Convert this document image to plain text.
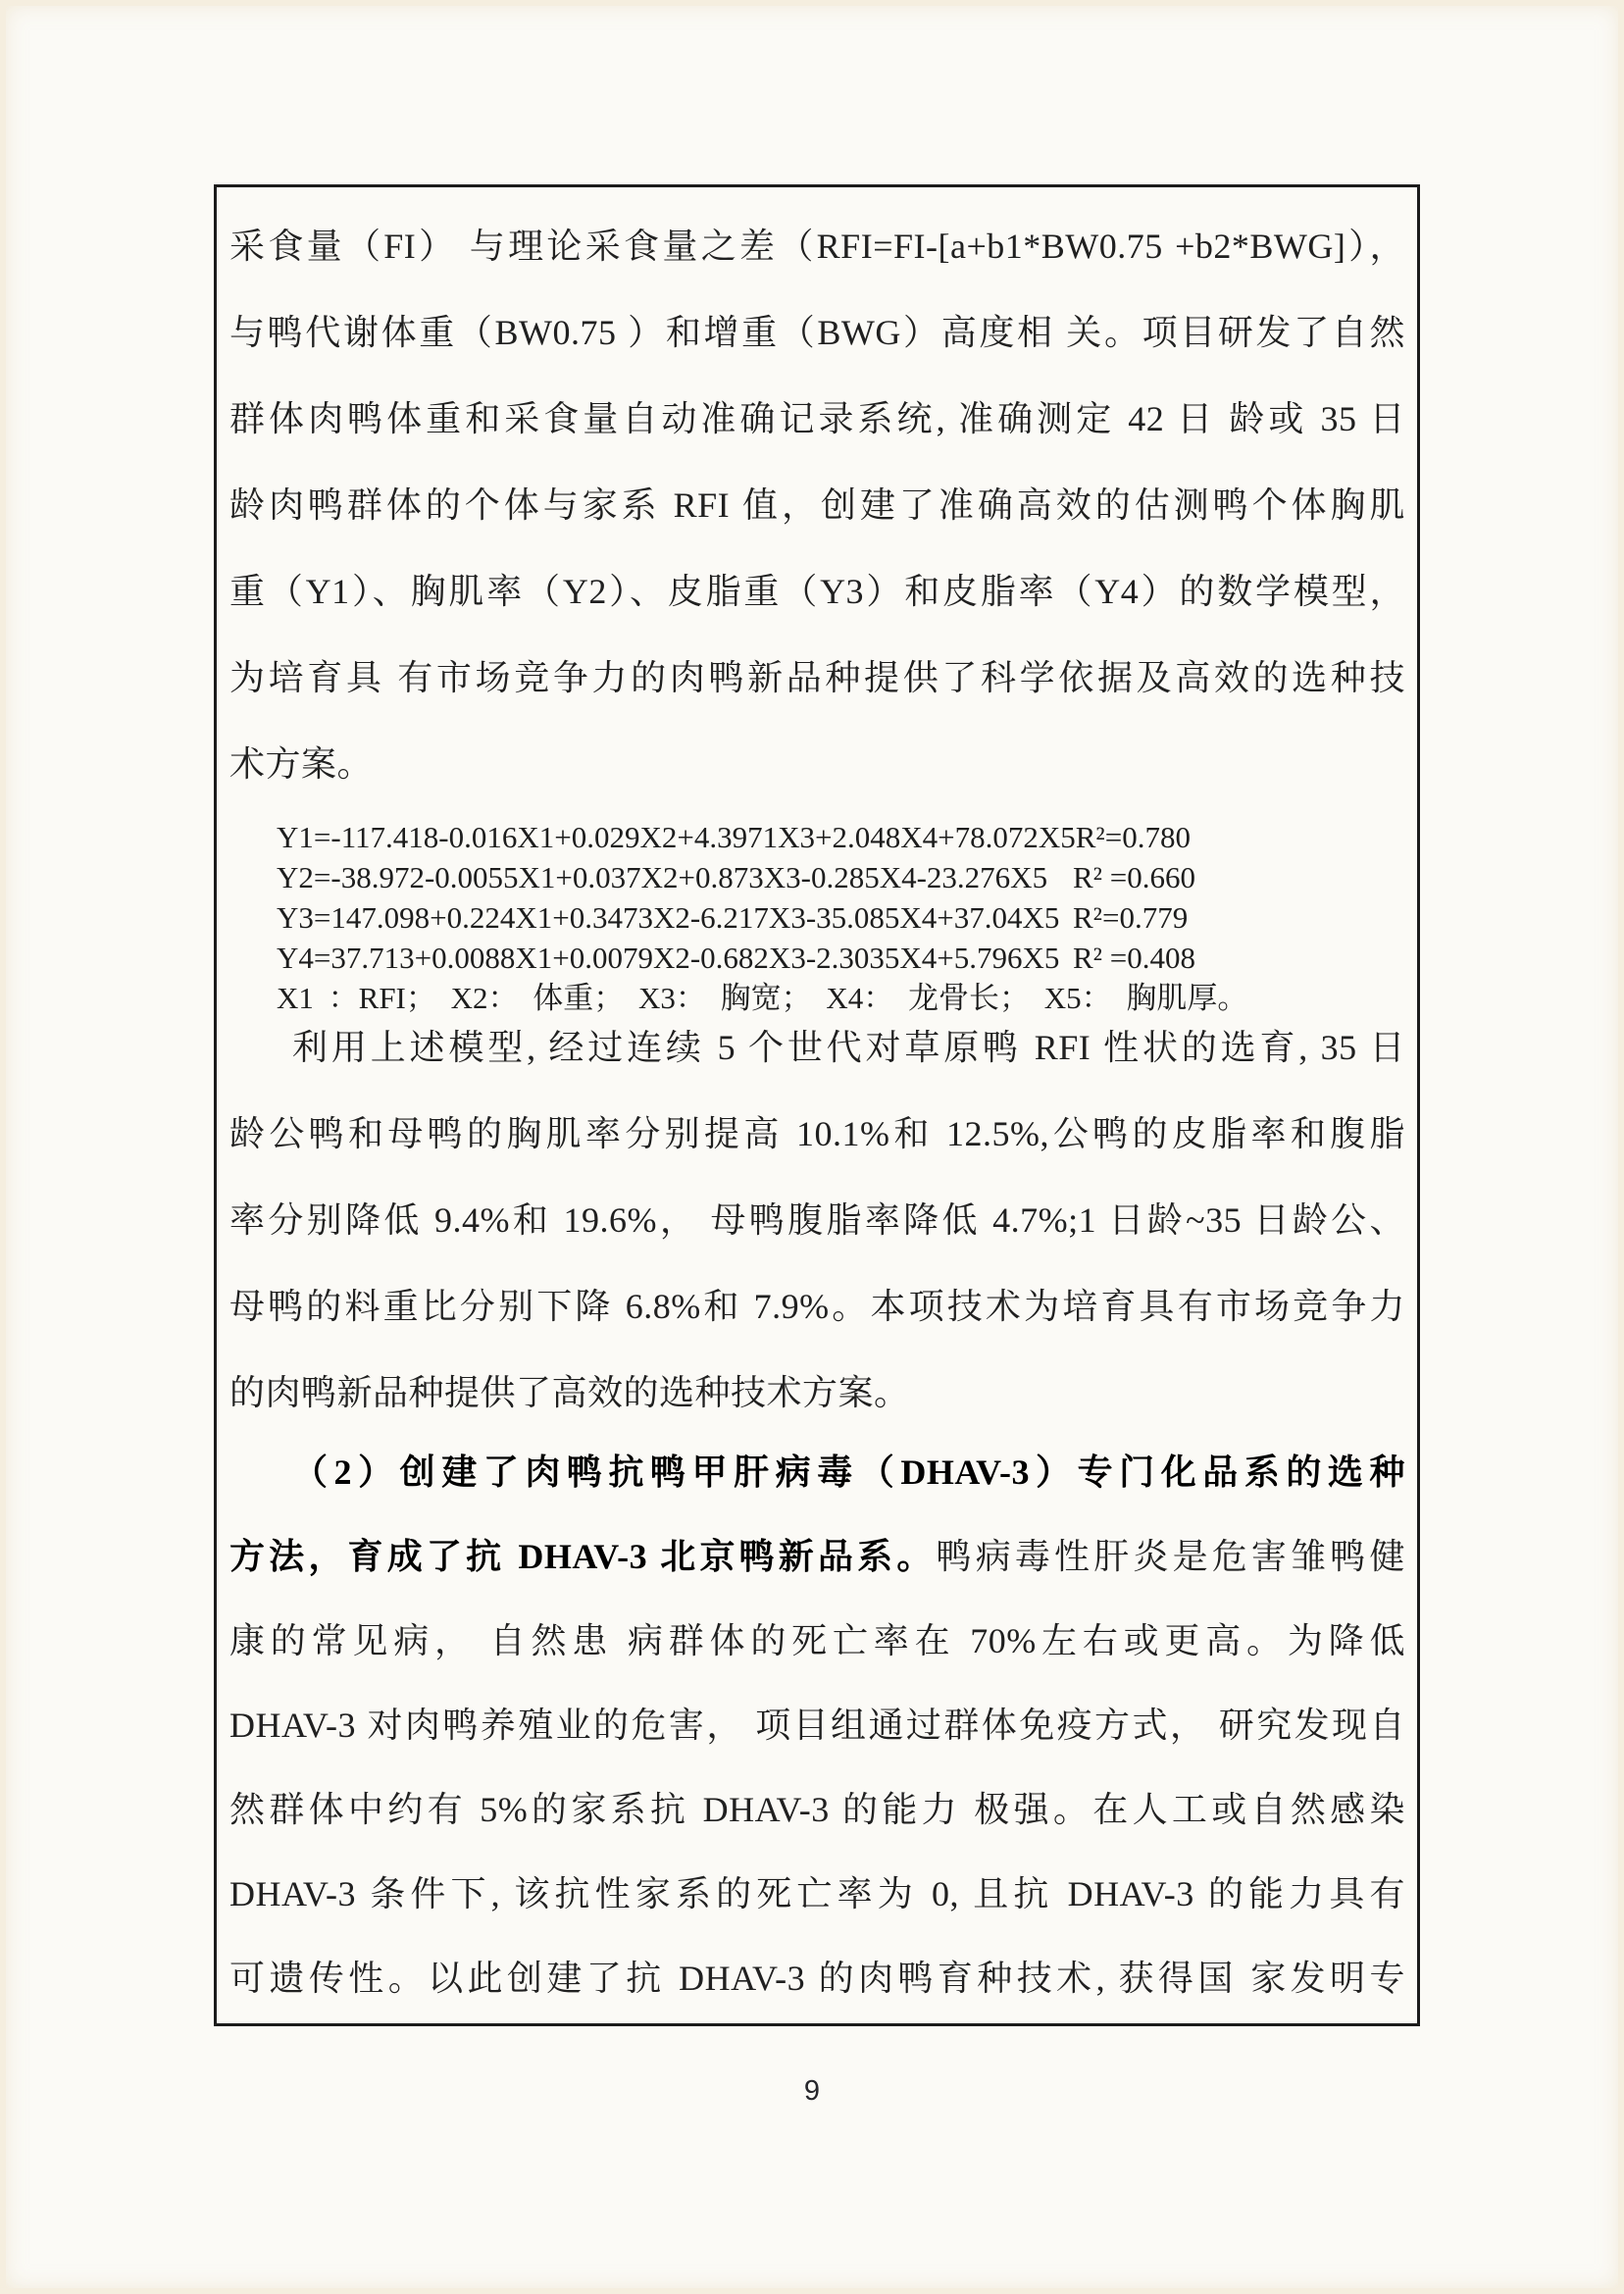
采食量（FI） 与理论采食量之差（RFI=FI-[a+b1*BW0.75 +b2*BWG]），
与鸭代谢体重（BW0.75 ）和增重（BWG）高度相 关。项目研发了自然
群体肉鸭体重和采食量自动准确记录系统, 准确测定 42 日 龄或 35 日
龄肉鸭群体的个体与家系 RFI 值，创建了准确高效的估测鸭个体胸肌
重（Y1）、胸肌率（Y2）、皮脂重（Y3）和皮脂率（Y4）的数学模型，
为培育具 有市场竞争力的肉鸭新品种提供了科学依据及高效的选种技
术方案。
Y1=-117.418-0.016X1+0.029X2+4.3971X3+2.048X4+78.072X5 R²=0.780
Y2=-38.972-0.0055X1+0.037X2+0.873X3-0.285X4-23.276X5 R² =0.660
Y3=147.098+0.224X1+0.3473X2-6.217X3-35.085X4+37.04X5 R²=0.779
Y4=37.713+0.0088X1+0.0079X2-0.682X3-2.3035X4+5.796X5 R² =0.408
X1 ：RFI； X2： 体重； X3： 胸宽； X4： 龙骨长； X5： 胸肌厚。
利用上述模型, 经过连续 5 个世代对草原鸭 RFI 性状的选育, 35 日
龄公鸭和母鸭的胸肌率分别提高 10.1%和 12.5%,公鸭的皮脂率和腹脂
率分别降低 9.4%和 19.6%， 母鸭腹脂率降低 4.7%;1 日龄~35 日龄公、
母鸭的料重比分别下降 6.8%和 7.9%。本项技术为培育具有市场竞争力
的肉鸭新品种提供了高效的选种技术方案。
（2）创建了肉鸭抗鸭甲肝病毒（DHAV-3）专门化品系的选种
方法，育成了抗 DHAV-3 北京鸭新品系。鸭病毒性肝炎是危害雏鸭健
康的常见病， 自然患 病群体的死亡率在 70%左右或更高。为降低
DHAV-3 对肉鸭养殖业的危害， 项目组通过群体免疫方式， 研究发现自
然群体中约有 5%的家系抗 DHAV-3 的能力 极强。在人工或自然感染
DHAV-3 条件下, 该抗性家系的死亡率为 0, 且抗 DHAV-3 的能力具有
可遗传性。以此创建了抗 DHAV-3 的肉鸭育种技术, 获得国 家发明专
9
